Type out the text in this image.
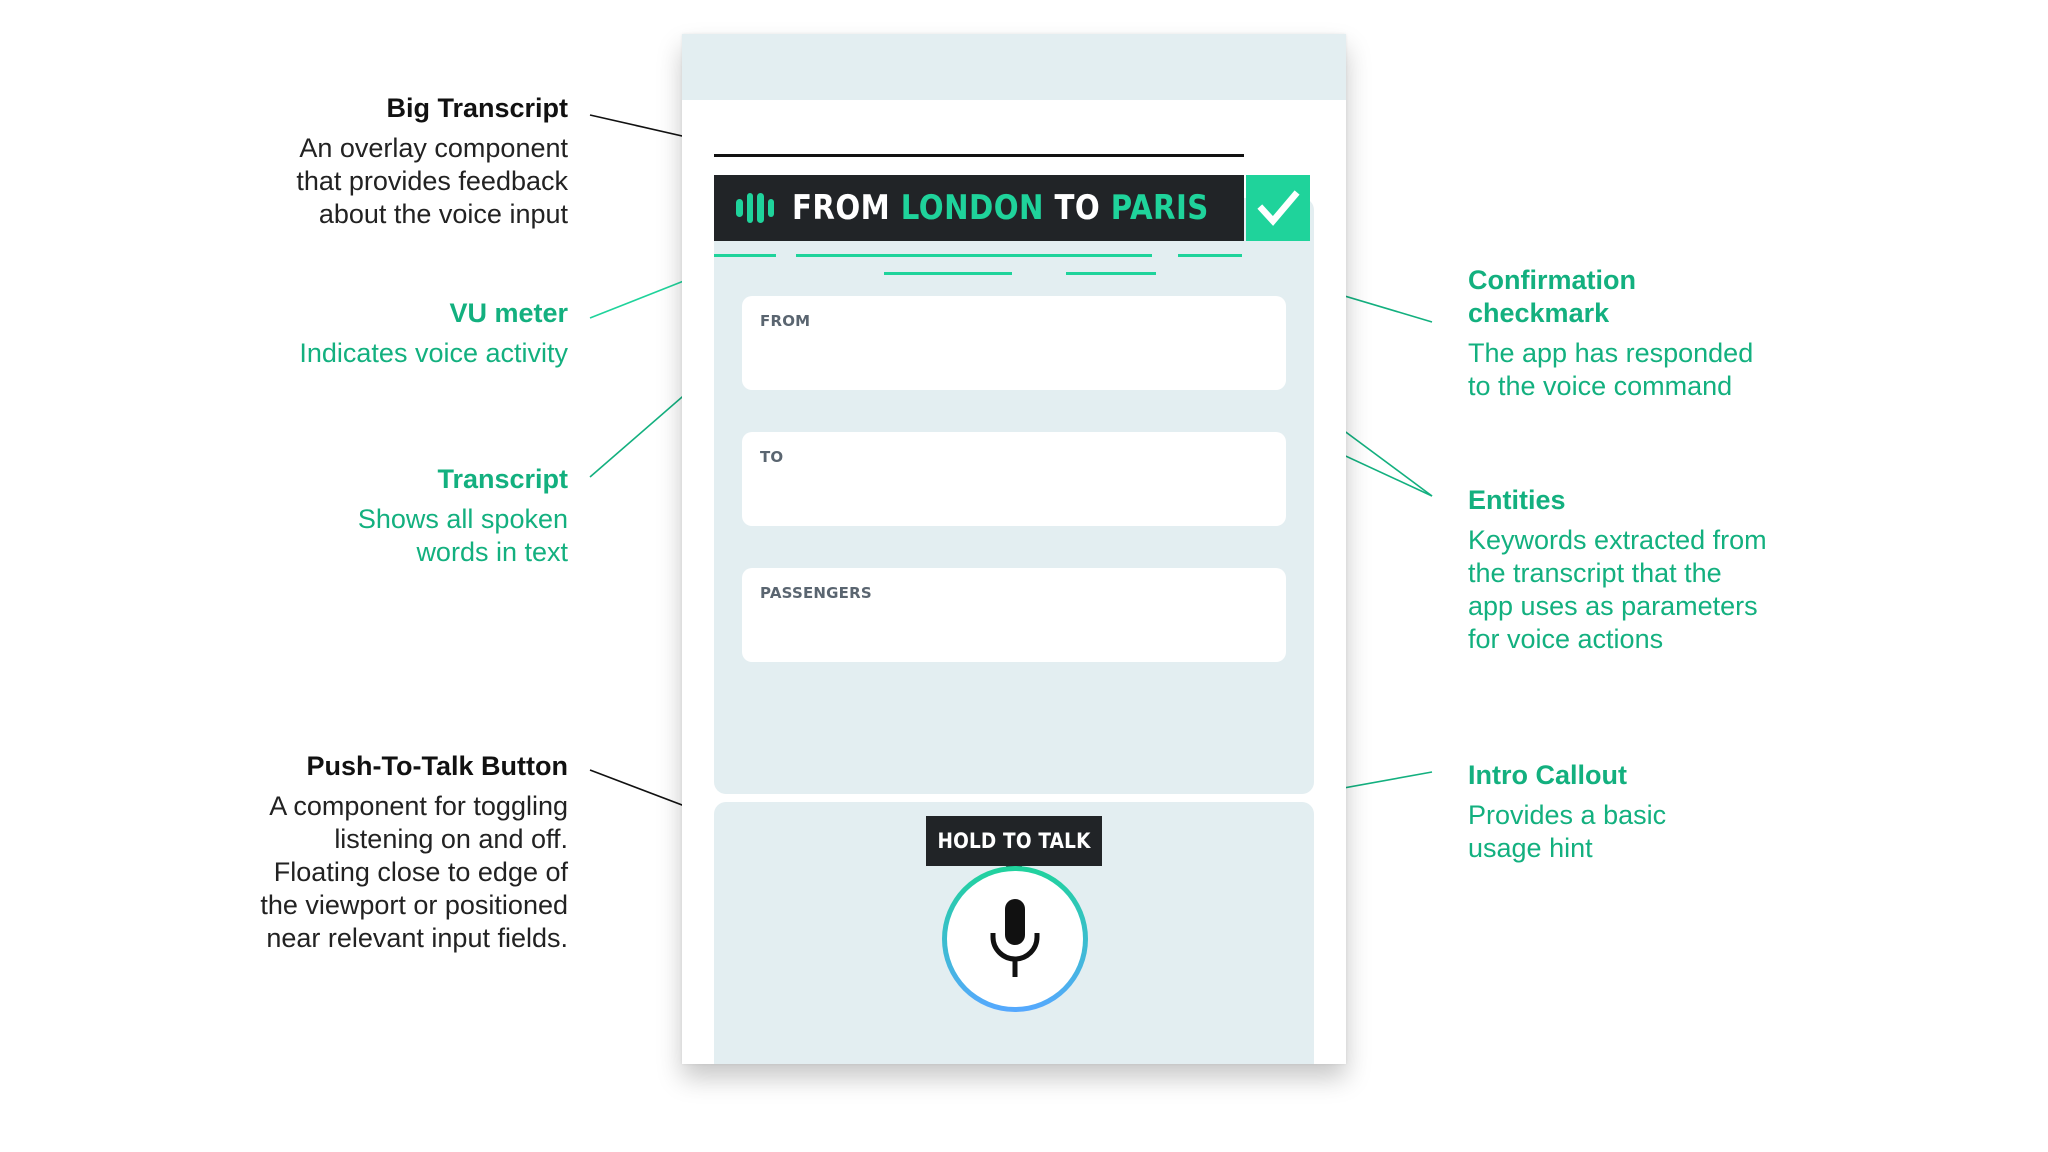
Big Transcript
An overlay component that provides feedback about the voice input
VU meter
Indicates voice activity
Transcript
Shows all spoken words in text
Push-To-Talk Button
A component for toggling listening on and off. Floating close to edge of the viewport or positioned near relevant input fields.
Confirmation checkmark
The app has responded to the voice command
Entities
Keywords extracted from the transcript that the app uses as parameters for voice actions
Intro Callout
Provides a basic usage hint
FROM
TO
PASSENGERS
FROM LONDON TO PARIS
HOLD TO TALK
